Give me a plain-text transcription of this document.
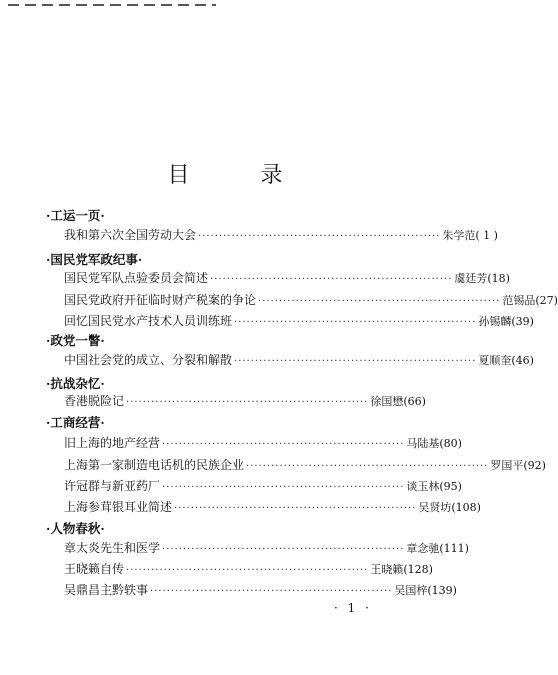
目 录
·工运一页·
我和第六次全国劳动大会 ·························································· 朱学范( 1 )
·国民党军政纪事·
国民党军队点验委员会简述 ·························································· 虞廷芳(18)
国民党政府开征临时财产税案的争论 ·························································· 范锡品(27)
回忆国民党水产技术人员训练班 ·························································· 孙锡麟(39)
·政党一瞥·
中国社会党的成立、分裂和解散 ·························································· 夏顺奎(46)
·抗战杂忆·
香港脱险记 ·························································· 徐国懋(66)
·工商经营·
旧上海的地产经营 ·························································· 马陆基(80)
上海第一家制造电话机的民族企业 ·························································· 罗国平(92)
许冠群与新亚药厂 ·························································· 谈玉林(95)
上海参茸银耳业简述 ·························································· 吴贤坊(108)
·人物春秋·
章太炎先生和医学 ·························································· 章念驰(111)
王晓籁自传 ·························································· 王晓籁(128)
吴鼎昌主黔轶事 ·························································· 吴国梓(139)
· 1 ·
